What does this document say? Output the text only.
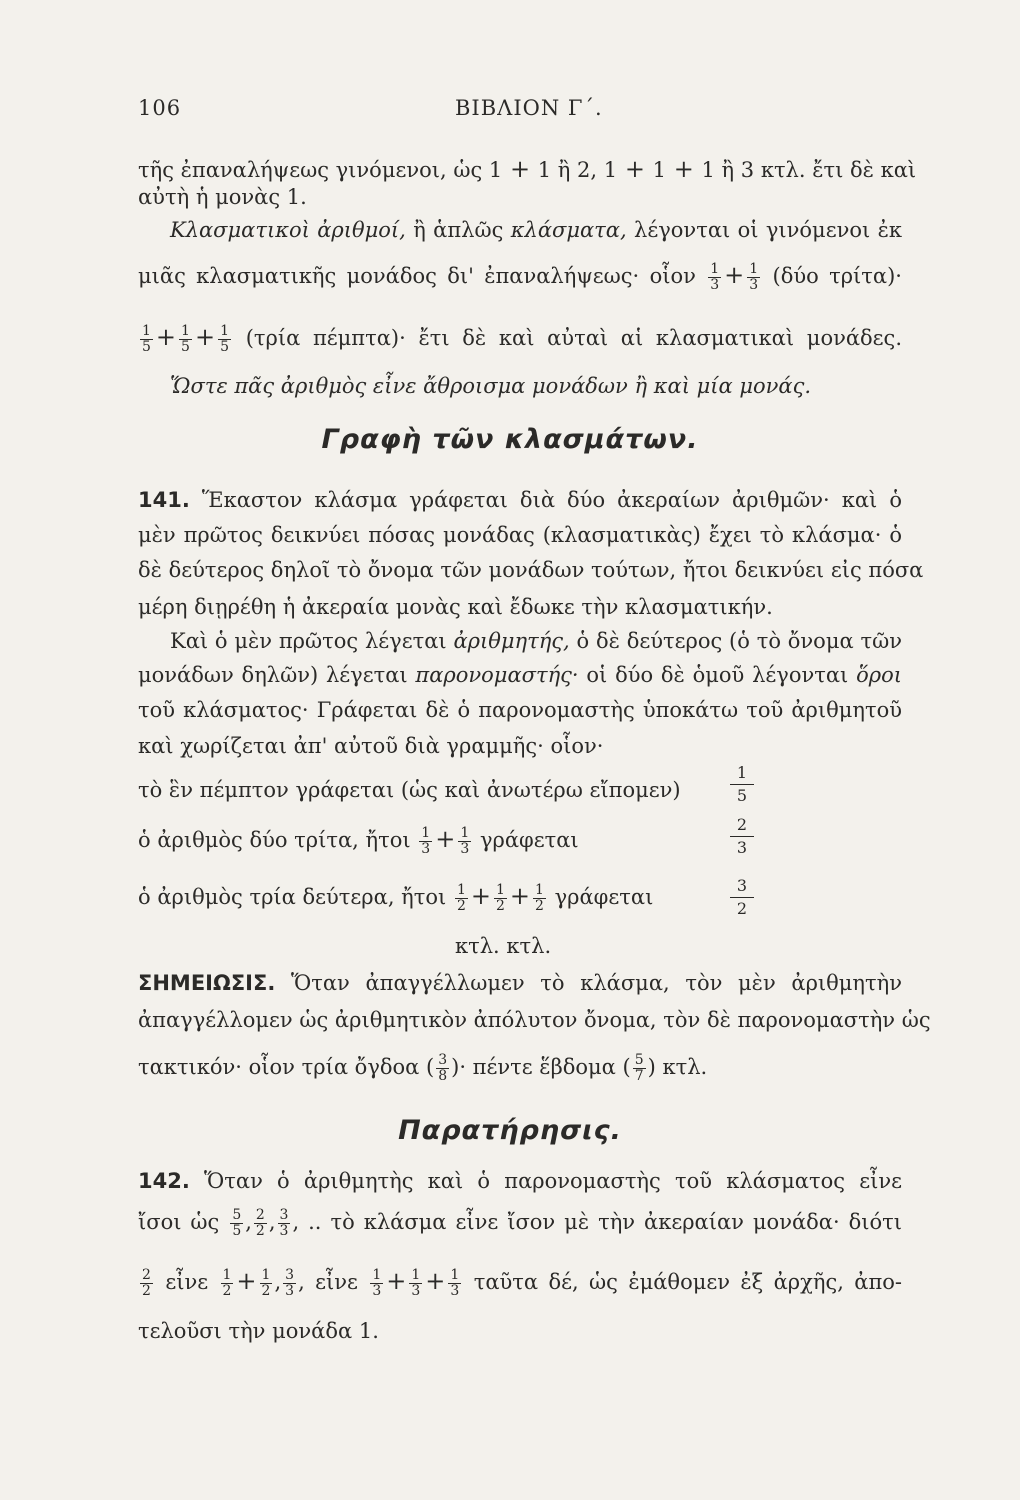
106	ΒΙΒΛΙΟΝ Γ΄.
τῆς ἐπαναλήψεως γινόμενοι, ὡς 1 + 1 ἢ 2, 1 + 1 + 1 ἢ 3 κτλ. ἔτι δὲ καὶ
αὐτὴ ἡ μονὰς 1.
Κλασματικοὶ ἀριθμοί, ἢ ἁπλῶς κλάσματα, λέγονται οἱ γινόμενοι ἐκ
μιᾶς κλασματικῆς μονάδος δι' ἐπαναλήψεως· οἷον $\frac{1}{3} + \frac{1}{3} (\delta ύo$ τρίτα)·
$\frac{1}{5} + \frac{1}{5} + \frac{1}{5} (\tau\rho ί\alpha$ πέμπτα)· ἔτι δὲ καὶ αὐταὶ αἱ κλασματικαὶ μονάδες.
Ὥστε πᾶς ἀριθμὸς εἶνε ἄθροισμα μονάδων ἢ καὶ μία μονάς.
Γραφὴ τῶν κλασμάτων.
141. Ἕκαστον κλάσμα γράφεται διὰ δύο ἀκεραίων ἀριθμῶν· καὶ ὁ
μὲν πρῶτος δεικνύει πόσας μονάδας (κλασματικὰς) ἔχει τὸ κλάσμα· ὁ
δὲ δεύτερος δηλοῖ τὸ ὄνομα τῶν μονάδων τούτων, ἤτοι δεικνύει εἰς πόσα
μέρη διῃρέθη ἡ ἀκεραία μονὰς καὶ ἔδωκε τὴν κλασματικήν.
Καὶ ὁ μὲν πρῶτος λέγεται ἀριθμητής, ὁ δὲ δεύτερος (ὁ τὸ ὄνομα τῶν
μονάδων δηλῶν) λέγεται παρονομαστής· οἱ δύο δὲ ὁμοῦ λέγονται ὅροι
τοῦ κλάσματος· Γράφεται δὲ ὁ παρονομαστὴς ὑποκάτω τοῦ ἀριθμητοῦ
καὶ χωρίζεται ἀπ' αὐτοῦ διὰ γραμμῆς· οἷον·
τὸ ἓν πέμπτον γράφεται (ὡς καὶ ἀνωτέρω εἴπομεν)
1
5
ὁ ἀριθμὸς δύο τρίτα, ἤτοι $\frac{1}{3} + \frac{1}{3}$ γράφεται
2
3
ὁ ἀριθμὸς τρία δεύτερα, ἤτοι $\frac{1}{2} + \frac{1}{2} + \frac{1}{2}$ γράφεται	3
2
κτλ. κτλ.
ΣΗΜΕΙΩΣΙΣ. Ὅταν ἀπαγγέλλωμεν τὸ κλάσμα, τὸν μὲν ἀριθμητὴν
ἀπαγγέλλομεν ὡς ἀριθμητικὸν ἀπόλυτον ὄνομα, τὸν δὲ παρονομαστὴν ὡς
τακτικόν· οἷον τρία ὄγδοα ( $\frac{3}{8}$ )· πέντε ἕβδομα ( $\frac{5}{7}$ ) κτλ.
Παρατήρησις.
142. Ὅταν ὁ ἀριθμητὴς καὶ ὁ παρονομαστὴς τοῦ κλάσματος εἶνε
ἴσοι ὡς $\frac{5}{5}$ , $\frac{2}{2}$ , $\frac{3}{3}$ , .. τὸ κλάσμα εἶνε ἴσον μὲ τὴν ἀκεραίαν μονάδα· διότι
$\frac{2}{2}$ εἶνε $\frac{1}{2} + \frac{1}{2}$ , $\frac{3}{3}$ , εἶνε $\frac{1}{3} + \frac{1}{3} + \frac{1}{3}$ ταῦτα δέ, ὡς ἐμάθομεν ἐξ ἀρχῆς, ἀπο-
τελοῦσι τὴν μονάδα 1.
